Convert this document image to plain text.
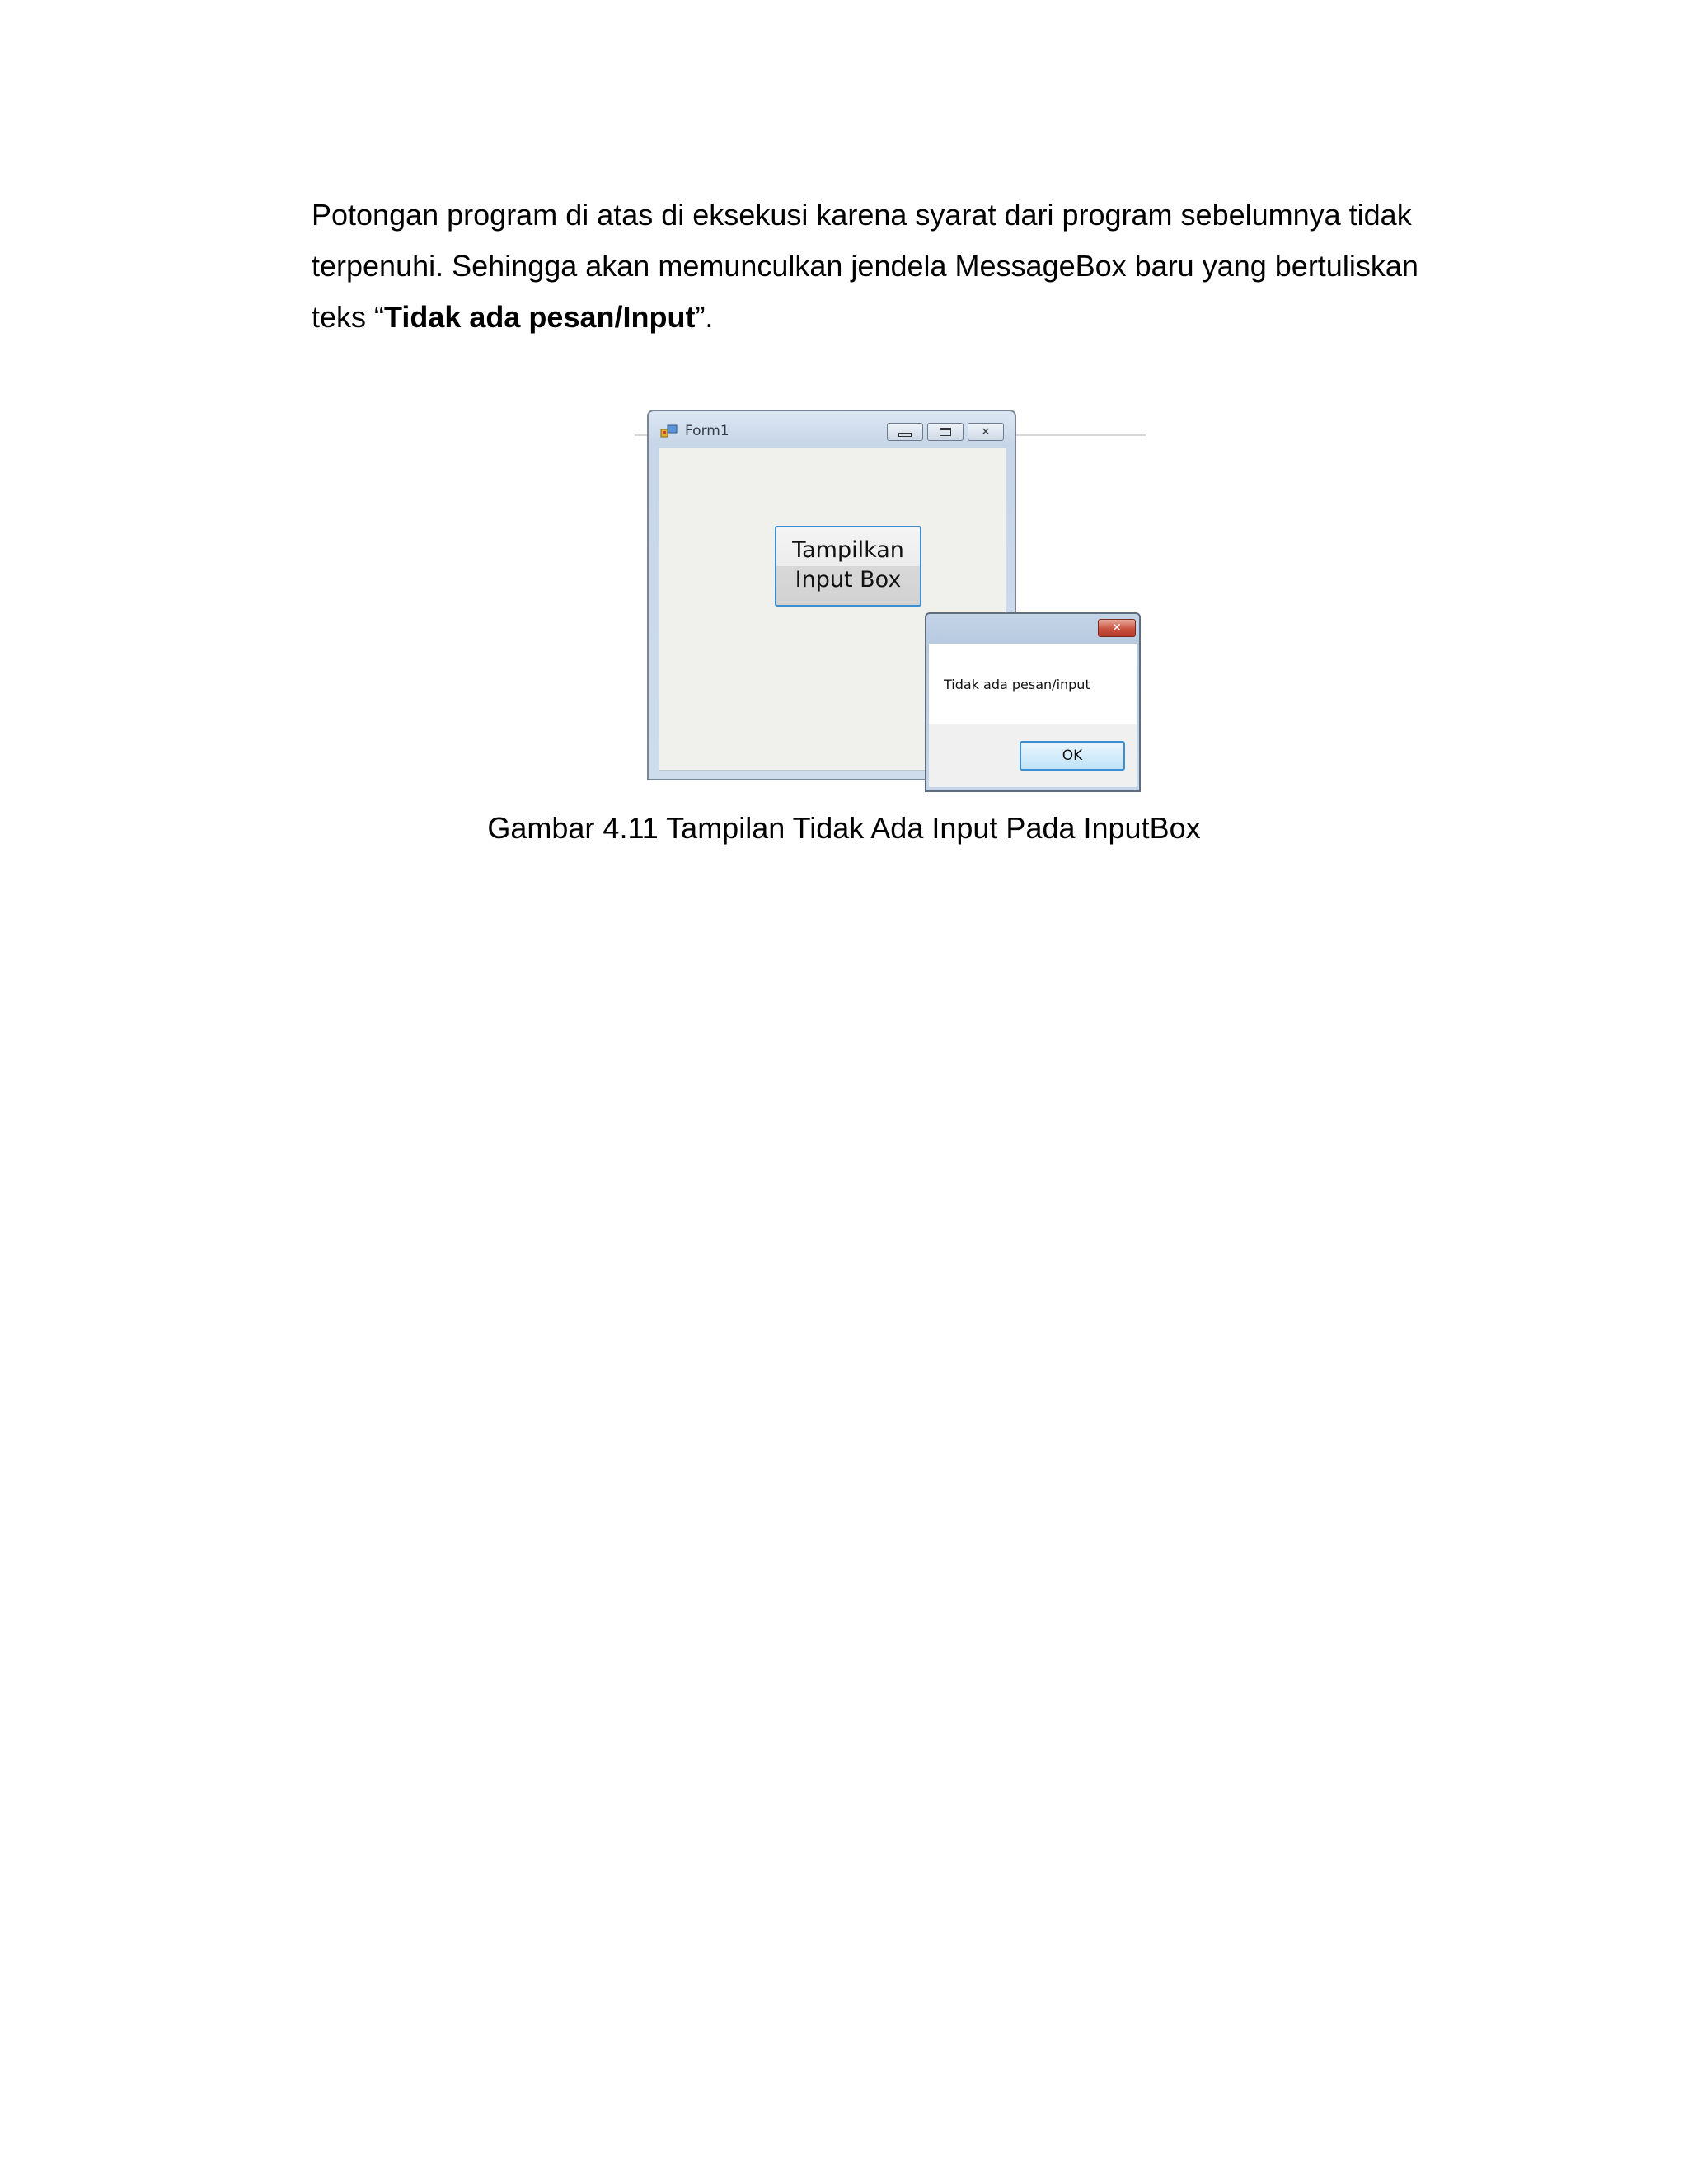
Potongan program di atas di eksekusi karena syarat dari program sebelumnya tidak
terpenuhi. Sehingga akan memunculkan jendela MessageBox baru yang bertuliskan
teks “Tidak ada pesan/Input”.

Form1	✕
Tampilkan
Input Box
✕
Tidak ada pesan/input
OK

Gambar 4.11 Tampilan Tidak Ada Input Pada InputBox
